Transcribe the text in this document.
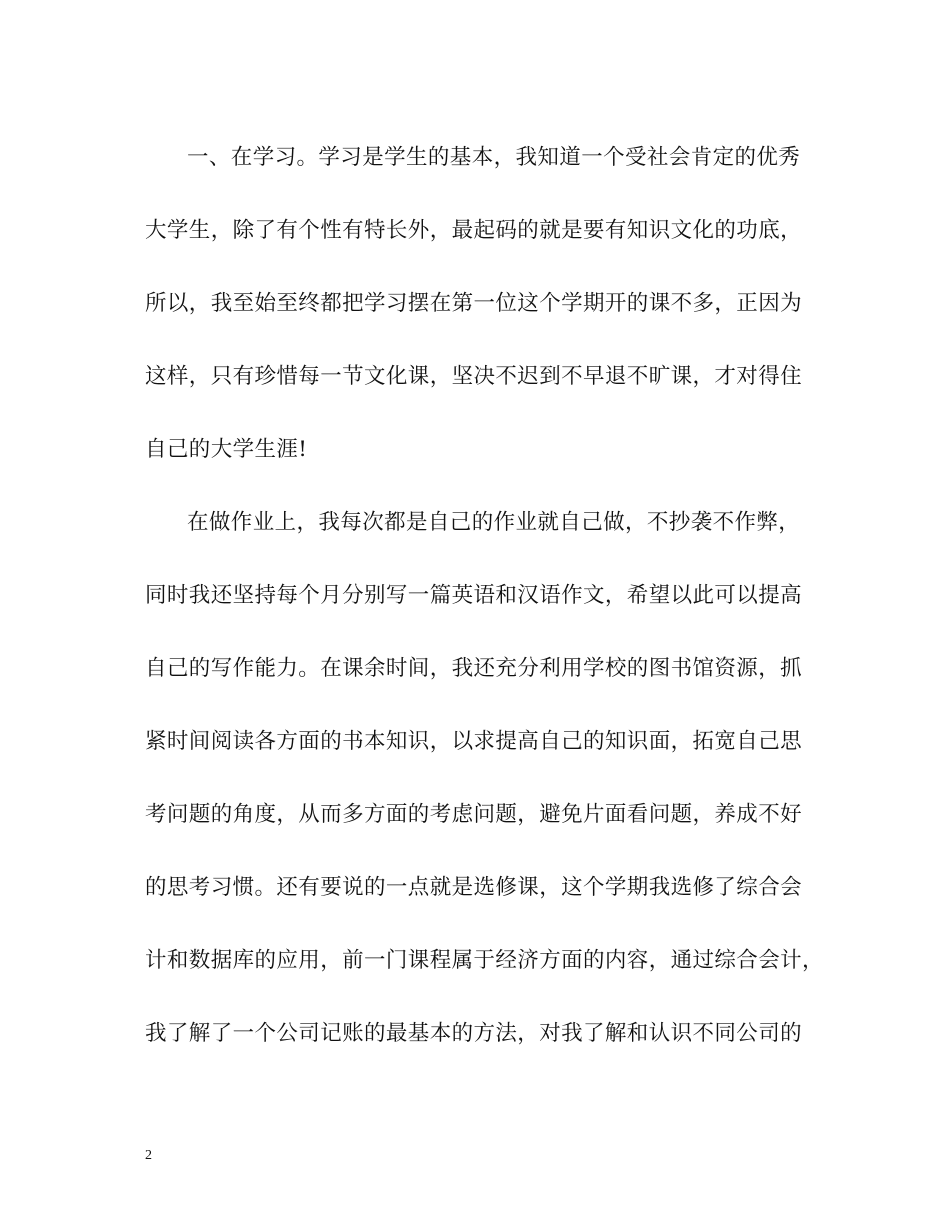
一、在学习。学习是学生的基本，我知道一个受社会肯定的优秀
大学生，除了有个性有特长外，最起码的就是要有知识文化的功底，
所以，我至始至终都把学习摆在第一位这个学期开的课不多，正因为
这样，只有珍惜每一节文化课，坚决不迟到不早退不旷课，才对得住
自己的大学生涯!
在做作业上，我每次都是自己的作业就自己做，不抄袭不作弊，
同时我还坚持每个月分别写一篇英语和汉语作文，希望以此可以提高
自己的写作能力。在课余时间，我还充分利用学校的图书馆资源，抓
紧时间阅读各方面的书本知识，以求提高自己的知识面，拓宽自己思
考问题的角度，从而多方面的考虑问题，避免片面看问题，养成不好
的思考习惯。还有要说的一点就是选修课，这个学期我选修了综合会
计和数据库的应用，前一门课程属于经济方面的内容，通过综合会计，
我了解了一个公司记账的最基本的方法，对我了解和认识不同公司的
2
